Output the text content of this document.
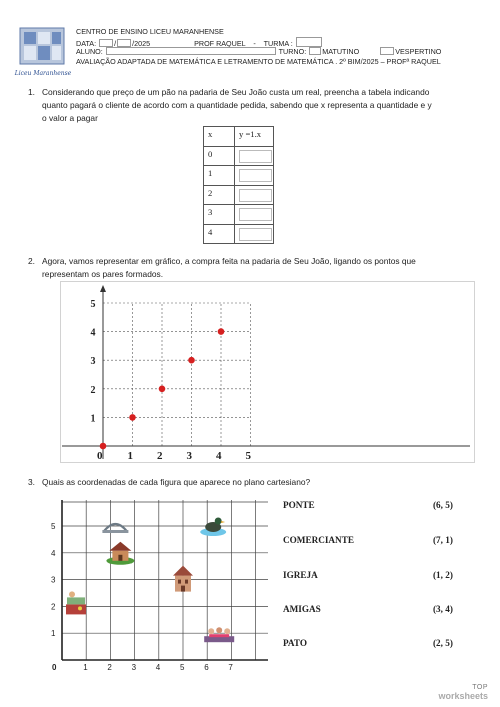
Liceu Maranhense
CENTRO DE ENSINO LICEU MARANHENSE
DATA:	/ /2025	PROF RAQUEL - TURMA :
ALUNO:	TURNO: MATUTINO	VESPERTINO
AVALIAÇÃO ADAPTADA DE MATEMÁTICA E LETRAMENTO DE MATEMÁTICA . 2º BIM/2025 – PROFª RAQUEL
1. Considerando que preço de um pão na padaria de Seu João custa um real, preencha a tabela indicando
quanto pagará o cliente de acordo com a quantidade pedida, sabendo que x representa a quantidade e y
o valor a pagar
x	y =1.x
0	

1	

2	

3	

4	
2. Agora, vamos representar em gráfico, a compra feita na padaria de Seu João, ligando os pontos que
representam os pares formados.
0 1 2 3 4 5
1
2
3
4
5
3. Quais as coordenadas de cada figura que aparece no plano cartesiano?
0	1 2 3 4 5 6 7
1
2
3
4
5
PONTE	(6, 5)
COMERCIANTE	(7, 1)
IGREJA	(1, 2)
AMIGAS	(3, 4)
PATO	(2, 5)
TOP
worksheets
